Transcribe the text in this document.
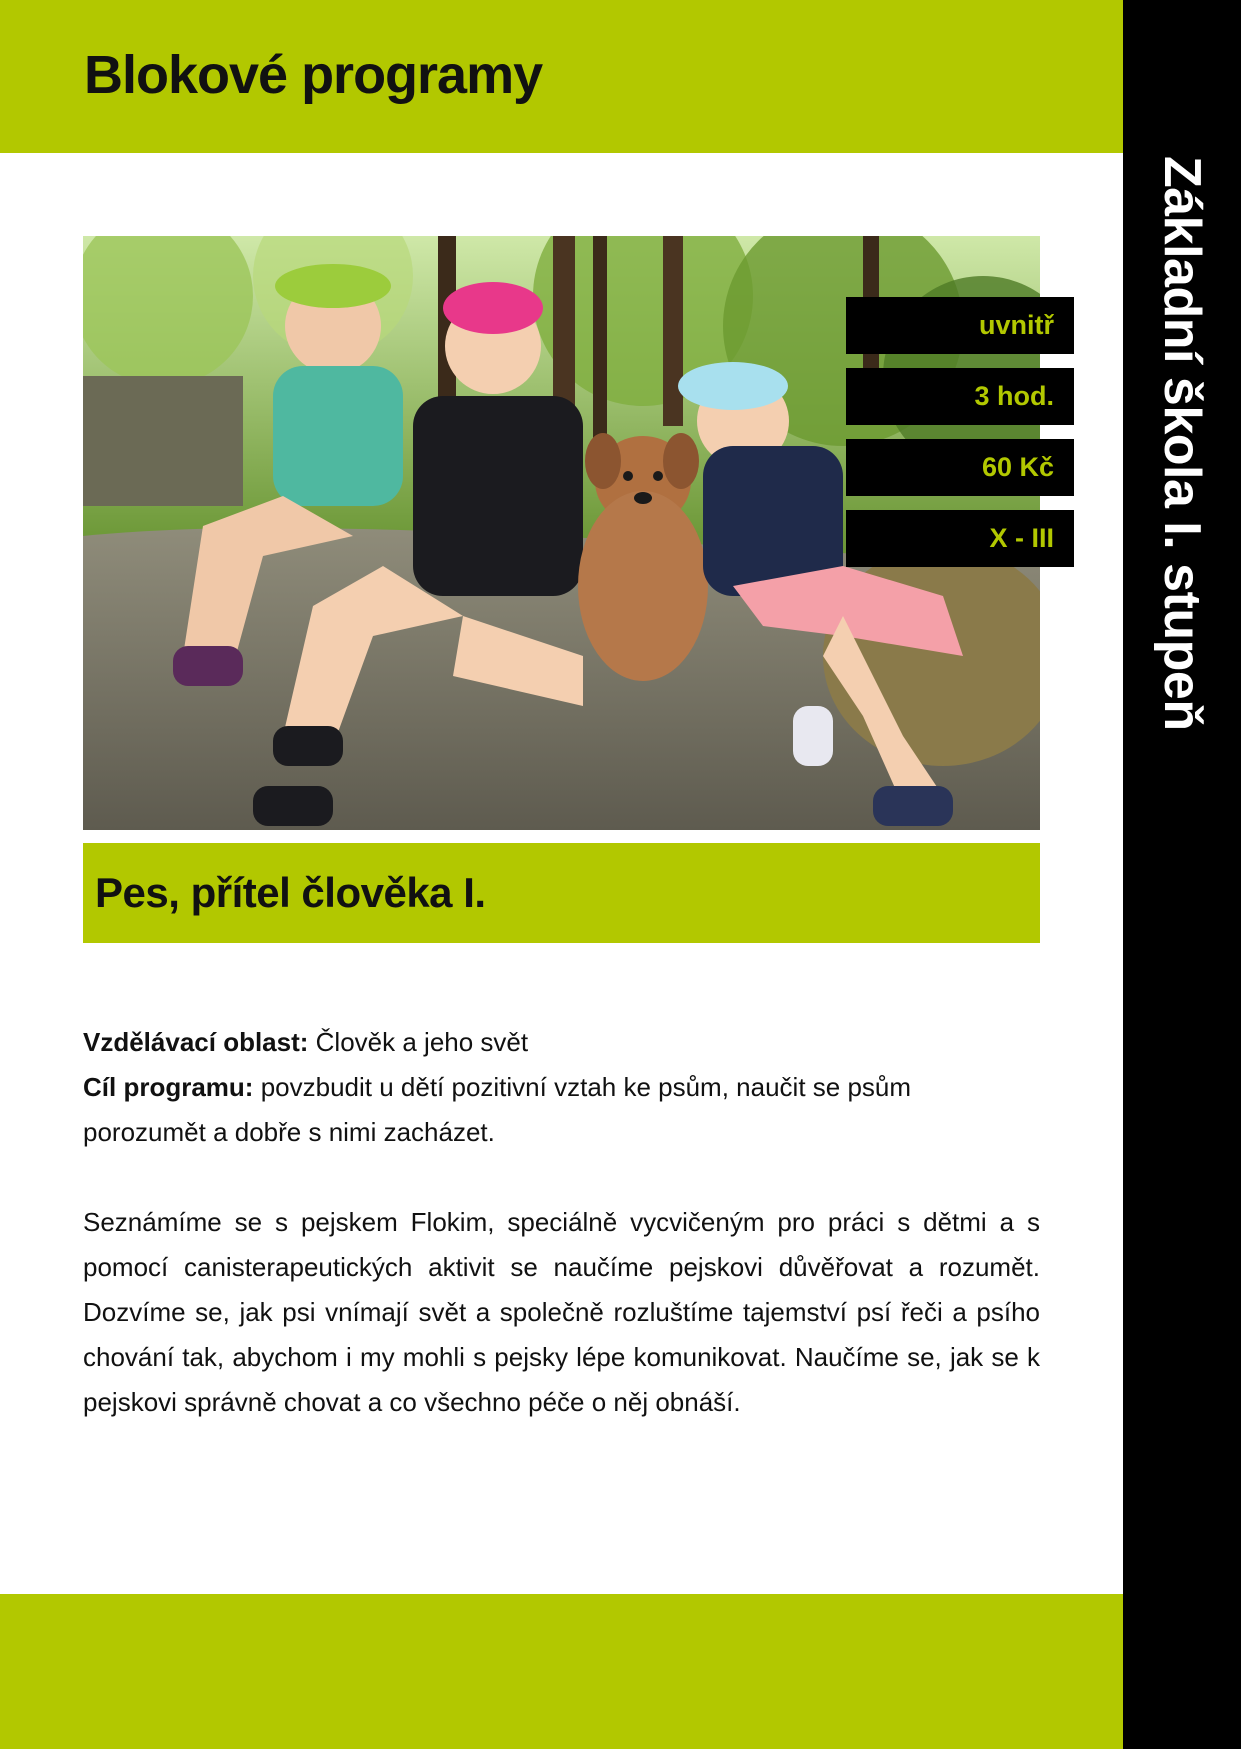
Blokové programy
Základní škola I. stupeň
uvnitř
3 hod.
60 Kč
X - III
Pes, přítel člověka I.

Vzdělávací oblast: Člověk a jeho svět

Cíl programu: povzbudit u dětí pozitivní vztah ke psům, naučit se psům porozumět a dobře s nimi zacházet.

Seznámíme se s pejskem Flokim, speciálně vycvičeným pro práci s dětmi a s pomocí canisterapeutických aktivit se naučíme pejskovi důvěřovat a rozumět. Dozvíme se, jak psi vnímají svět a společně rozluštíme tajemství psí řeči a psího chování tak, abychom i my mohli s pejsky lépe komunikovat. Naučíme se, jak se k pejskovi správně chovat a co všechno péče o něj obnáší.
